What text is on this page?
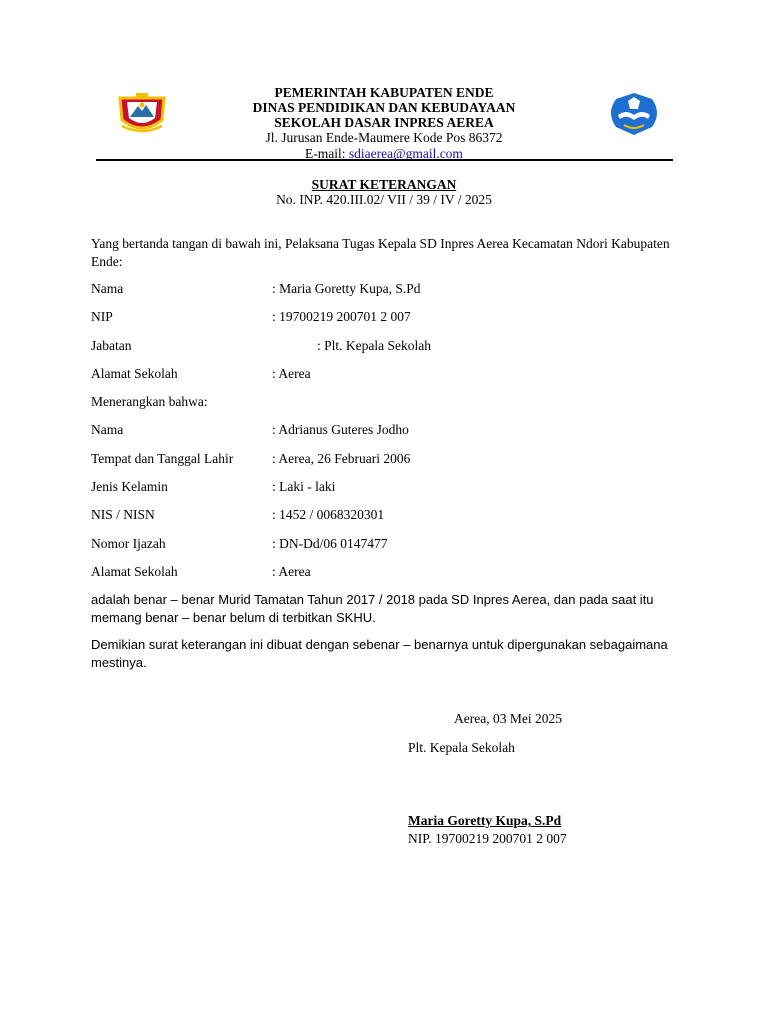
PEMERINTAH KABUPATEN ENDE
DINAS PENDIDIKAN DAN KEBUDAYAAN
SEKOLAH DASAR INPRES AEREA
Jl. Jurusan Ende-Maumere Kode Pos 86372
E-mail: sdiaerea@gmail.com
SURAT KETERANGAN
No. INP. 420.III.02/ VII / 39 / IV / 2025
Yang bertanda tangan di bawah ini, Pelaksana Tugas Kepala SD Inpres Aerea Kecamatan Ndori Kabupaten Ende:
Nama	: Maria Goretty Kupa, S.Pd
NIP	: 19700219 200701 2 007
Jabatan	: Plt. Kepala Sekolah
Alamat Sekolah	: Aerea
Menerangkan bahwa:
Nama	: Adrianus Guteres Jodho
Tempat dan Tanggal Lahir	: Aerea, 26 Februari 2006
Jenis Kelamin	: Laki - laki
NIS / NISN	: 1452 / 0068320301
Nomor Ijazah	: DN-Dd/06 0147477
Alamat Sekolah	: Aerea
adalah benar – benar Murid Tamatan Tahun 2017 / 2018 pada SD Inpres Aerea, dan pada saat itu memang benar – benar belum di terbitkan SKHU.
Demikian surat keterangan ini dibuat dengan sebenar – benarnya untuk dipergunakan sebagaimana mestinya.
Aerea, 03 Mei 2025
Plt. Kepala Sekolah
Maria Goretty Kupa, S.Pd
NIP. 19700219 200701 2 007
